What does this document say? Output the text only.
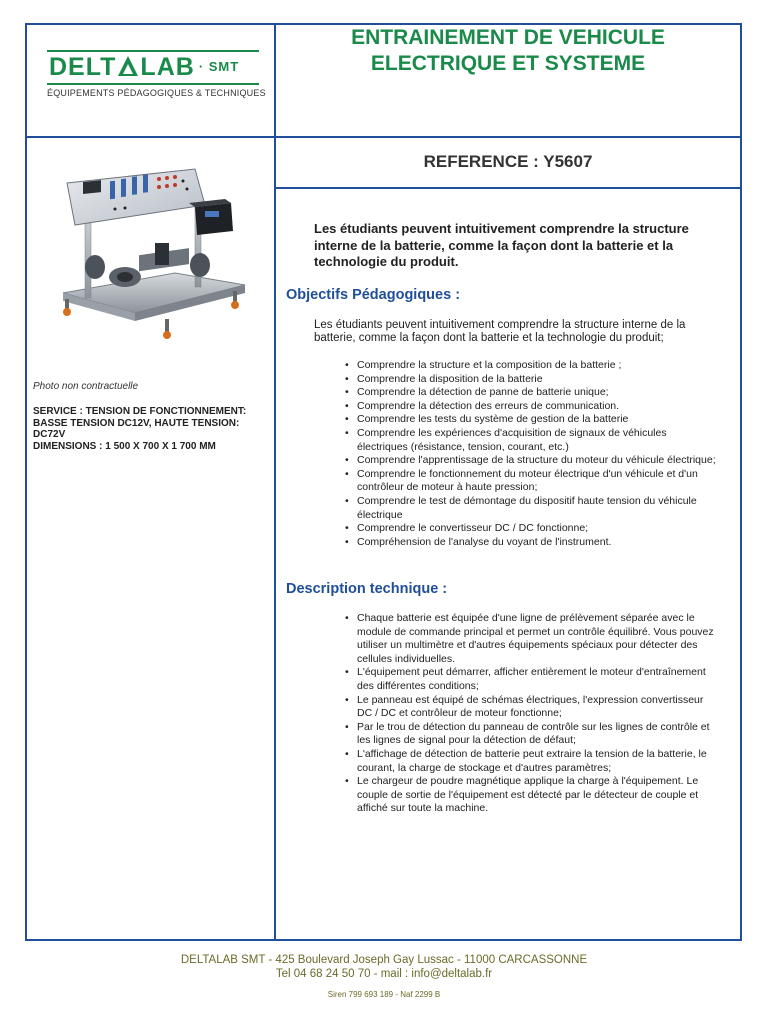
DELT LAB · SMT
ÉQUIPEMENTS PÉDAGOGIQUES & TECHNIQUES
ENTRAINEMENT DE VEHICULE
ELECTRIQUE ET SYSTEME
REFERENCE : Y5607
Photo non contractuelle
SERVICE : TENSION DE FONCTIONNEMENT: BASSE TENSION DC12V, HAUTE TENSION: DC72V
DIMENSIONS : 1 500 X 700 X 1 700 MM
Les étudiants peuvent intuitivement comprendre la structure interne de la batterie, comme la façon dont la batterie et la technologie du produit.
Objectifs Pédagogiques :
Les étudiants peuvent intuitivement comprendre la structure interne de la batterie, comme la façon dont la batterie et la technologie du produit;
• Comprendre la structure et la composition de la batterie ;
• Comprendre la disposition de la batterie
• Comprendre la détection de panne de batterie unique;
• Comprendre la détection des erreurs de communication.
• Comprendre les tests du système de gestion de la batterie
• Comprendre les expériences d'acquisition de signaux de véhicules électriques (résistance, tension, courant, etc.)
• Comprendre l'apprentissage de la structure du moteur du véhicule électrique;
• Comprendre le fonctionnement du moteur électrique d'un véhicule et d'un contrôleur de moteur à haute pression;
• Comprendre le test de démontage du dispositif haute tension du véhicule électrique
• Comprendre le convertisseur DC / DC fonctionne;
• Compréhension de l'analyse du voyant de l'instrument.
Description technique :
• Chaque batterie est équipée d'une ligne de prélèvement séparée avec le module de commande principal et permet un contrôle équilibré. Vous pouvez utiliser un multimètre et d'autres équipements spéciaux pour détecter des cellules individuelles.
• L'équipement peut démarrer, afficher entièrement le moteur d'entraînement des différentes conditions;
• Le panneau est équipé de schémas électriques, l'expression convertisseur DC / DC et contrôleur de moteur fonctionne;
• Par le trou de détection du panneau de contrôle sur les lignes de contrôle et les lignes de signal pour la détection de défaut;
• L'affichage de détection de batterie peut extraire la tension de la batterie, le courant, la charge de stockage et d'autres paramètres;
• Le chargeur de poudre magnétique applique la charge à l'équipement. Le couple de sortie de l'équipement est détecté par le détecteur de couple et affiché sur toute la machine.
DELTALAB SMT - 425 Boulevard Joseph Gay Lussac - 11000 CARCASSONNE
Tel 04 68 24 50 70 - mail : info@deltalab.fr
Siren 799 693 189 - Naf 2299 B
